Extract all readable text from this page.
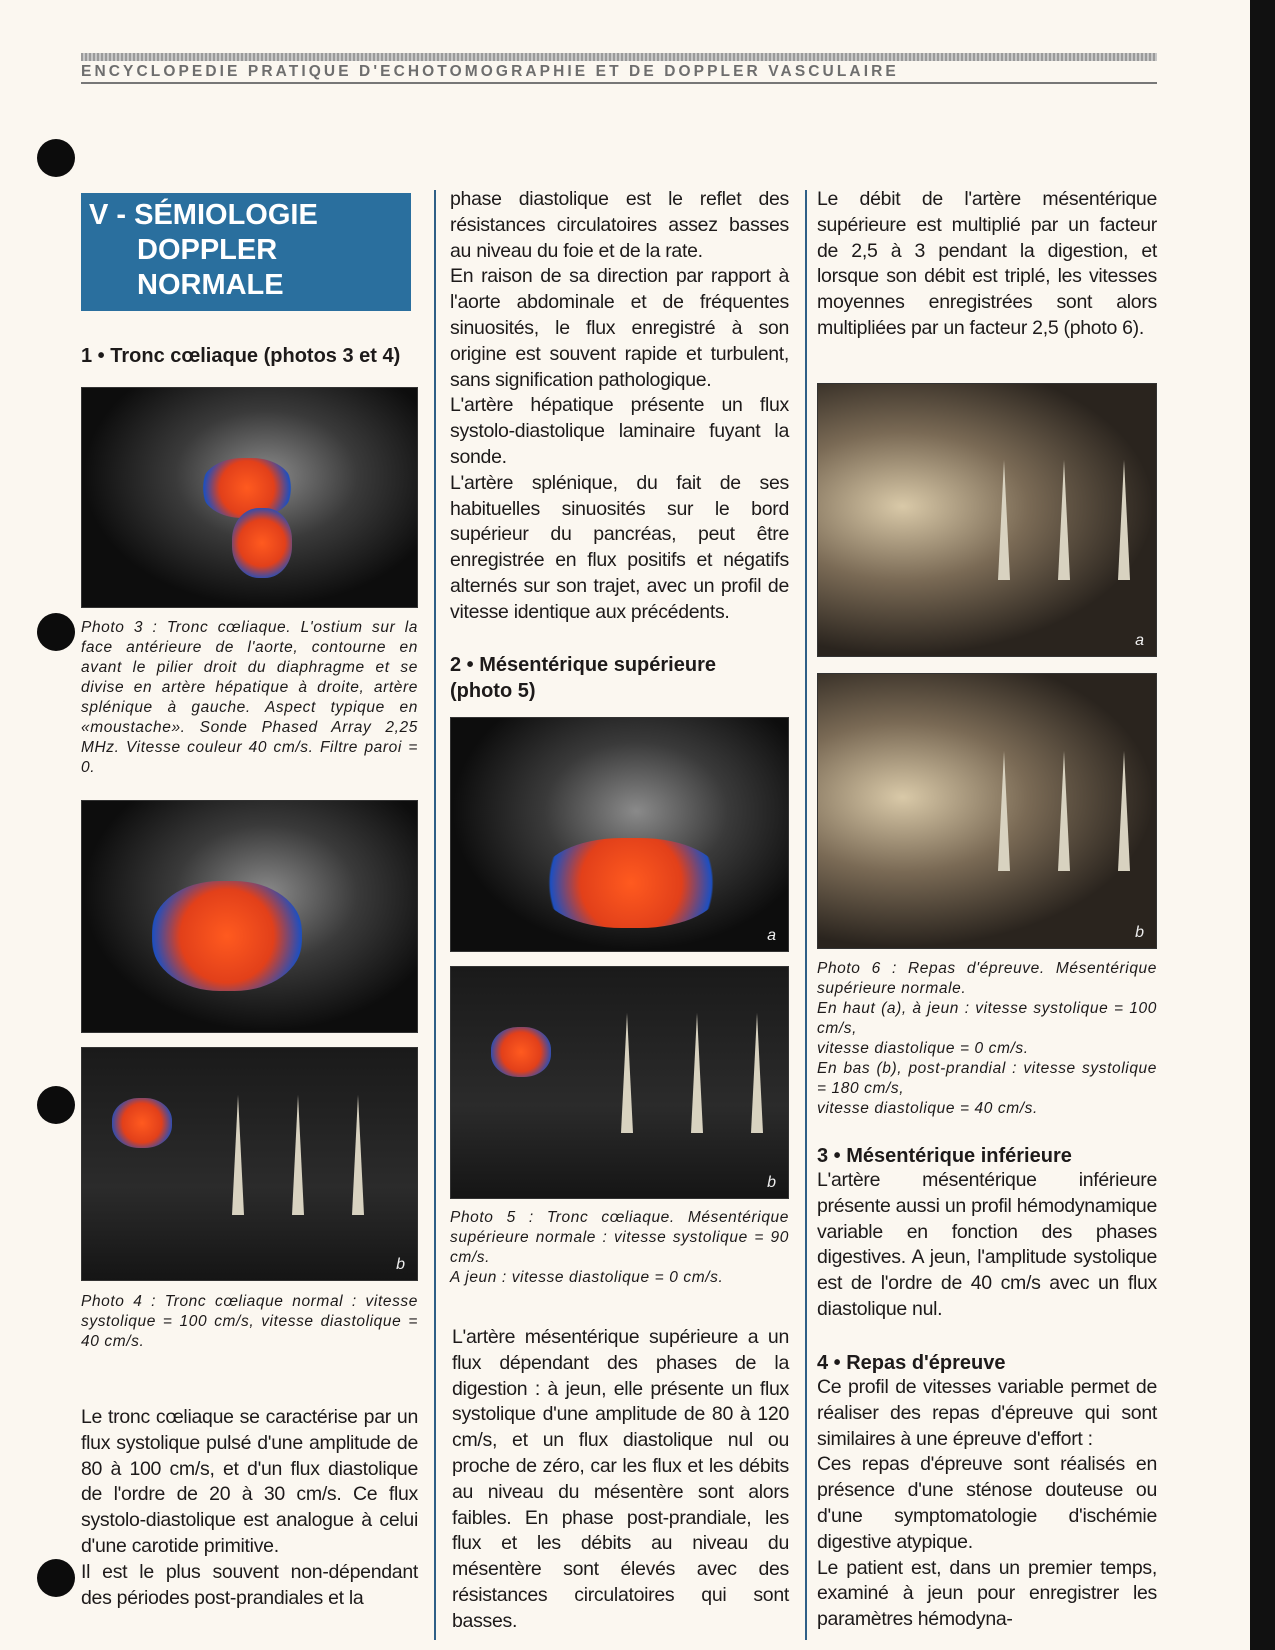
ENCYCLOPEDIE PRATIQUE D'ECHOTOMOGRAPHIE ET DE DOPPLER VASCULAIRE
V - SÉMIOLOGIE
DOPPLER
NORMALE
1 • Tronc cœliaque (photos 3 et 4)
Photo 3 : Tronc cœliaque. L'ostium sur la face antérieure de l'aorte, contourne en avant le pilier droit du diaphragme et se divise en artère hépatique à droite, artère splénique à gauche. Aspect typique en «moustache». Sonde Phased Array 2,25 MHz. Vitesse couleur 40 cm/s. Filtre paroi = 0.
b
Photo 4 : Tronc cœliaque normal : vitesse systolique = 100 cm/s, vitesse diastolique = 40 cm/s.

Le tronc cœliaque se caractérise par un flux systolique pulsé d'une amplitude de 80 à 100 cm/s, et d'un flux diastolique de l'ordre de 20 à 30 cm/s. Ce flux systolo-diastolique est analogue à celui d'une carotide primitive.

Il est le plus souvent non-dépendant des périodes post-prandiales et la

phase diastolique est le reflet des résistances circulatoires assez basses au niveau du foie et de la rate.

En raison de sa direction par rapport à l'aorte abdominale et de fréquentes sinuosités, le flux enregistré à son origine est souvent rapide et turbulent, sans signification pathologique.

L'artère hépatique présente un flux systolo-diastolique laminaire fuyant la sonde.

L'artère splénique, du fait de ses habituelles sinuosités sur le bord supérieur du pancréas, peut être enregistrée en flux positifs et négatifs alternés sur son trajet, avec un profil de vitesse identique aux précédents.

2 • Mésentérique supérieure (photo 5)
a
b
Photo 5 : Tronc cœliaque. Mésentérique supérieure normale : vitesse systolique = 90 cm/s.
A jeun : vitesse diastolique = 0 cm/s.
L'artère mésentérique supérieure a un flux dépendant des phases de la digestion : à jeun, elle présente un flux systolique d'une amplitude de 80 à 120 cm/s, et un flux diastolique nul ou proche de zéro, car les flux et les débits au niveau du mésentère sont alors faibles. En phase post-prandiale, les flux et les débits au niveau du mésentère sont élevés avec des résistances circulatoires qui sont basses.
Le débit de l'artère mésentérique supérieure est multiplié par un facteur de 2,5 à 3 pendant la digestion, et lorsque son débit est triplé, les vitesses moyennes enregistrées sont alors multipliées par un facteur 2,5 (photo 6).
a
b
Photo 6 : Repas d'épreuve. Mésentérique supérieure normale.
En haut (a), à jeun : vitesse systolique = 100 cm/s,
vitesse diastolique = 0 cm/s.
En bas (b), post-prandial : vitesse systolique = 180 cm/s,
vitesse diastolique = 40 cm/s.
3 • Mésentérique inférieure
L'artère mésentérique inférieure présente aussi un profil hémodynamique variable en fonction des phases digestives. A jeun, l'amplitude systolique est de l'ordre de 40 cm/s avec un flux diastolique nul.
4 • Repas d'épreuve

Ce profil de vitesses variable permet de réaliser des repas d'épreuve qui sont similaires à une épreuve d'effort :

Ces repas d'épreuve sont réalisés en présence d'une sténose douteuse ou d'une symptomatologie d'ischémie digestive atypique.

Le patient est, dans un premier temps, examiné à jeun pour enregistrer les paramètres hémodyna-
